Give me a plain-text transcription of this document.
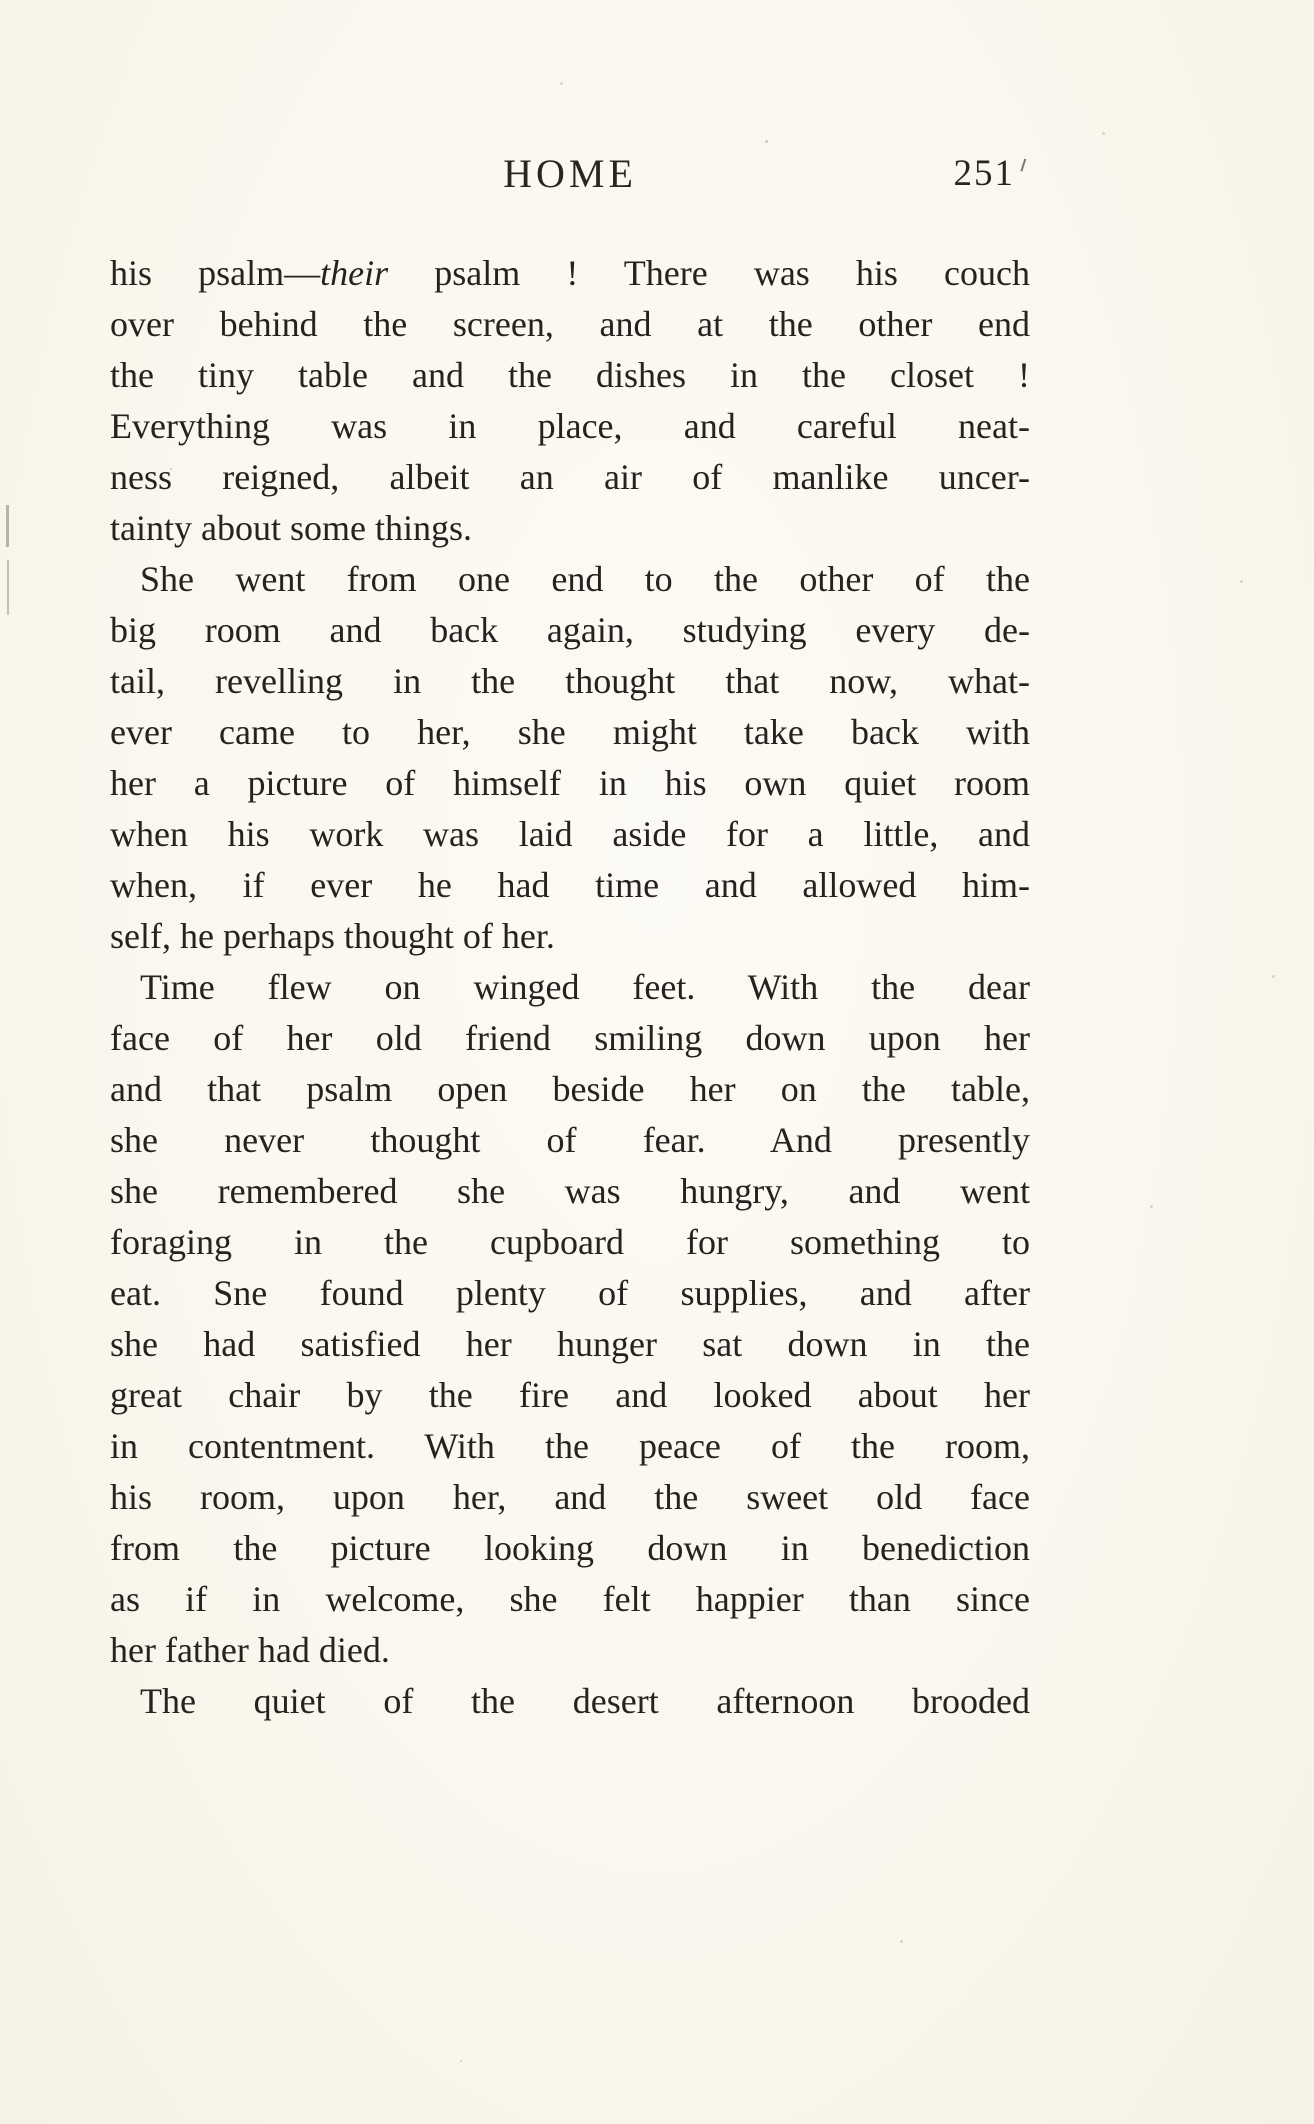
HOME	251
his psalm—their psalm ! There was his couch
over behind the screen, and at the other end
the tiny table and the dishes in the closet !
Everything was in place, and careful neat-
ness reigned, albeit an air of manlike uncer-
tainty about some things.
She went from one end to the other of the
big room and back again, studying every de-
tail, revelling in the thought that now, what-
ever came to her, she might take back with
her a picture of himself in his own quiet room
when his work was laid aside for a little, and
when, if ever he had time and allowed him-
self, he perhaps thought of her.
Time flew on winged feet. With the dear
face of her old friend smiling down upon her
and that psalm open beside her on the table,
she never thought of fear. And presently
she remembered she was hungry, and went
foraging in the cupboard for something to
eat. Sne found plenty of supplies, and after
she had satisfied her hunger sat down in the
great chair by the fire and looked about her
in contentment. With the peace of the room,
his room, upon her, and the sweet old face
from the picture looking down in benediction
as if in welcome, she felt happier than since
her father had died.
The quiet of the desert afternoon brooded
